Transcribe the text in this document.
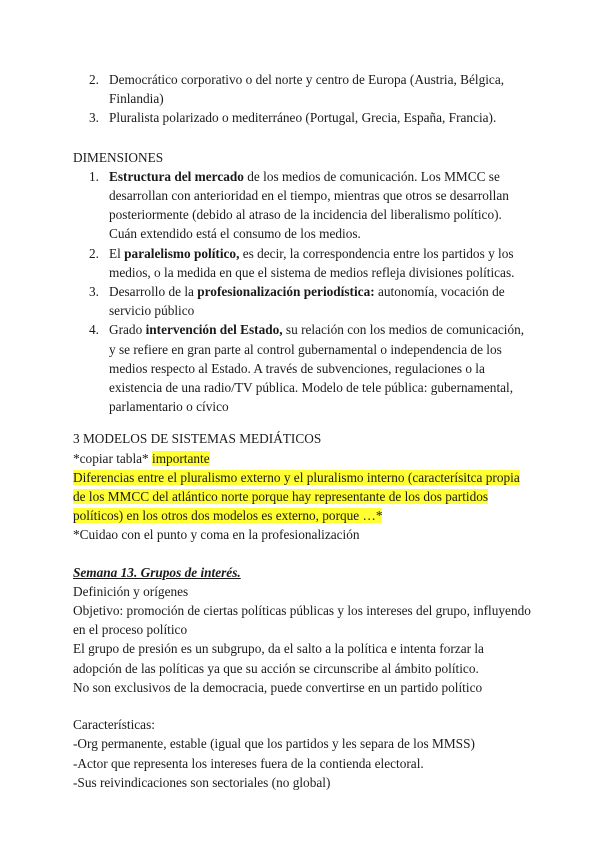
2. Democrático corporativo o del norte y centro de Europa (Austria, Bélgica, Finlandia)
3. Pluralista polarizado o mediterráneo (Portugal, Grecia, España, Francia).
DIMENSIONES
1. Estructura del mercado de los medios de comunicación. Los MMCC se desarrollan con anterioridad en el tiempo, mientras que otros se desarrollan posteriormente (debido al atraso de la incidencia del liberalismo político). Cuán extendido está el consumo de los medios.
2. El paralelismo político, es decir, la correspondencia entre los partidos y los medios, o la medida en que el sistema de medios refleja divisiones políticas.
3. Desarrollo de la profesionalización periodística: autonomía, vocación de servicio público
4. Grado intervención del Estado, su relación con los medios de comunicación, y se refiere en gran parte al control gubernamental o independencia de los medios respecto al Estado. A través de subvenciones, regulaciones o la existencia de una radio/TV pública. Modelo de tele pública: gubernamental, parlamentario o cívico
3 MODELOS DE SISTEMAS MEDIÁTICOS
*copiar tabla* importante
Diferencias entre el pluralismo externo y el pluralismo interno (caracterísitca propia de los MMCC del atlántico norte porque hay representante de los dos partidos políticos) en los otros dos modelos es externo, porque …*
*Cuidao con el punto y coma en la profesionalización
Semana 13. Grupos de interés.
Definición y orígenes
Objetivo: promoción de ciertas políticas públicas y los intereses del grupo, influyendo en el proceso político
El grupo de presión es un subgrupo, da el salto a la política e intenta forzar la adopción de las políticas ya que su acción se circunscribe al ámbito político.
No son exclusivos de la democracia, puede convertirse en un partido político
Características:
-Org permanente, estable (igual que los partidos y les separa de los MMSS)
-Actor que representa los intereses fuera de la contienda electoral.
-Sus reivindicaciones son sectoriales (no global)
